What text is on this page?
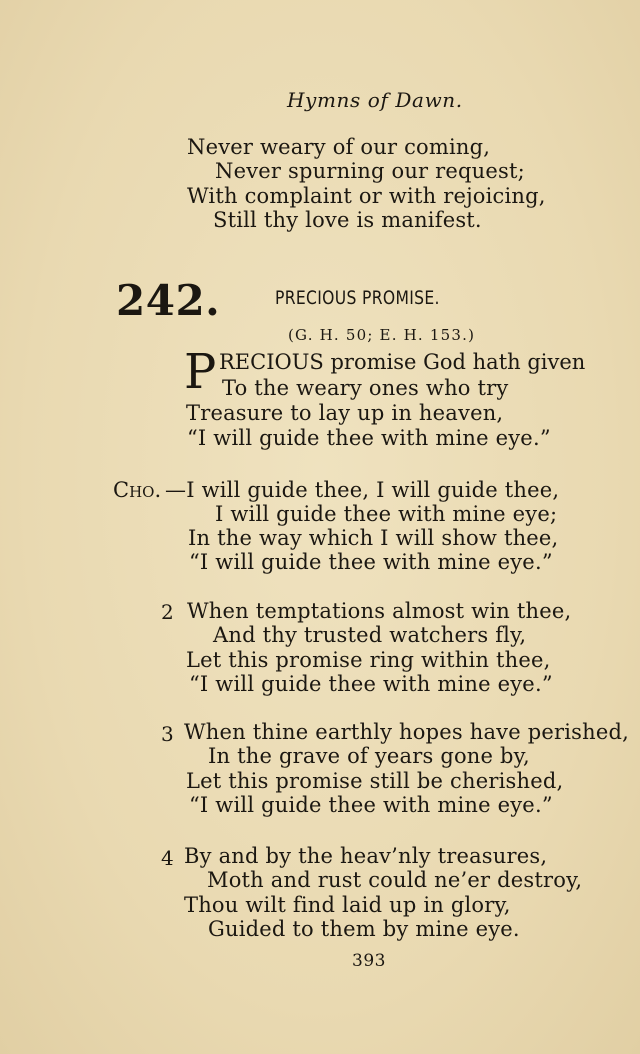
Hymns of Dawn.
Never weary of our coming,
Never spurning our request;
With complaint or with rejoicing,
Still thy love is manifest.
242.	PRECIOUS PROMISE.
(G. H. 50; E. H. 153.)
P RECIOUS promise God hath given
To the weary ones who try
Treasure to lay up in heaven,
“I will guide thee with mine eye.”
Cho. —I will guide thee, I will guide thee,
I will guide thee with mine eye;
In the way which I will show thee,
“I will guide thee with mine eye.”
2 When temptations almost win thee,
And thy trusted watchers fly,
Let this promise ring within thee,
“I will guide thee with mine eye.”
3 When thine earthly hopes have perished,
In the grave of years gone by,
Let this promise still be cherished,
“I will guide thee with mine eye.”
4 By and by the heav’nly treasures,
Moth and rust could ne’er destroy,
Thou wilt find laid up in glory,
Guided to them by mine eye.
393
